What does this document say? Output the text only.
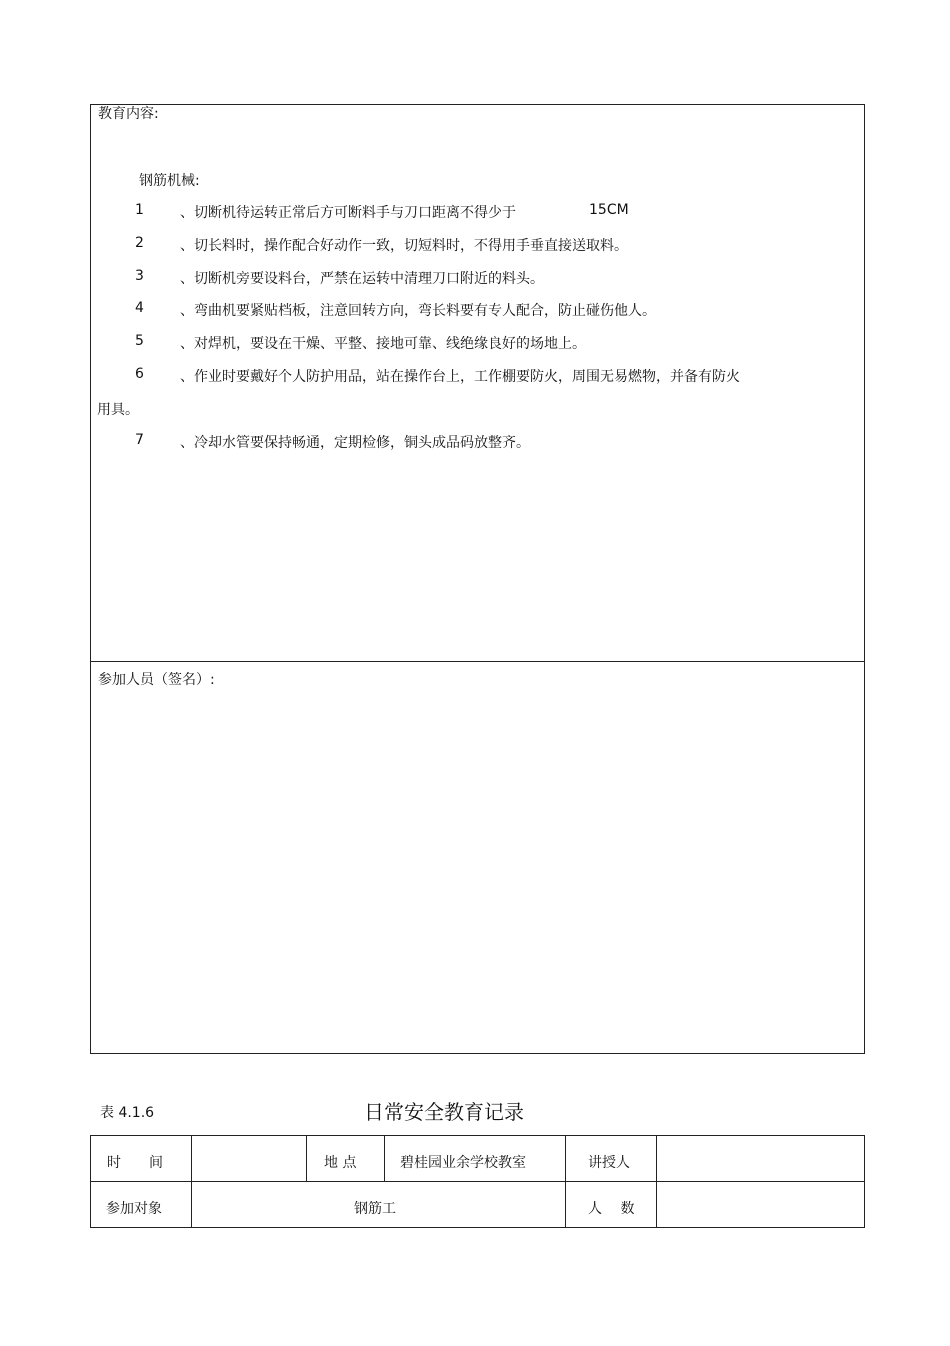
教育内容:
钢筋机械:
1	、切断机待运转正常后方可断料手与刀口距离不得少于	15CM
2	、切长料时，操作配合好动作一致，切短料时，不得用手垂直接送取料。
3	、切断机旁要设料台，严禁在运转中清理刀口附近的料头。
4	、弯曲机要紧贴档板，注意回转方向，弯长料要有专人配合，防止碰伤他人。
5	、对焊机，要设在干燥、平整、接地可靠、线绝缘良好的场地上。
6	、作业时要戴好个人防护用品，站在操作台上，工作棚要防火，周围无易燃物，并备有防火
用具。
7	、冷却水管要保持畅通，定期检修，铜头成品码放整齐。
参加人员（签名）:
表 4.1.6	日常安全教育记录
时　　间	地 点	碧桂园业余学校教室	讲授人
参加对象	钢筋工	人　 数
